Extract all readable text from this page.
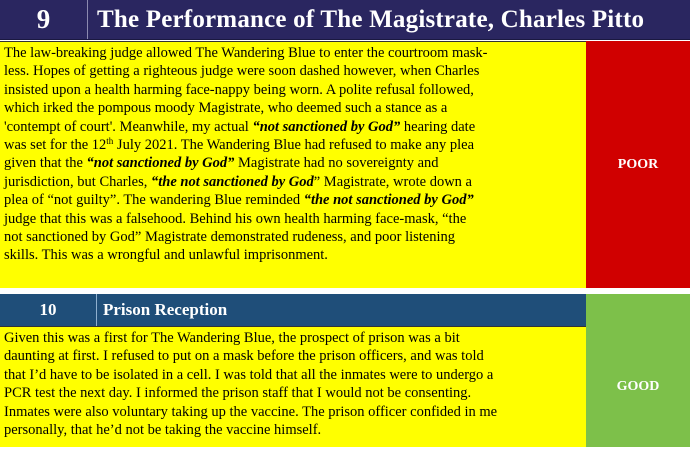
9	The Performance of The Magistrate, Charles Pitto
The law-breaking judge allowed The Wandering Blue to enter the courtroom mask-
less. Hopes of getting a righteous judge were soon dashed however, when Charles
insisted upon a health harming face-nappy being worn. A polite refusal followed,
which irked the pompous moody Magistrate, who deemed such a stance as a
'contempt of court'. Meanwhile, my actual “not sanctioned by God” hearing date
was set for the 12th July 2021. The Wandering Blue had refused to make any plea
given that the “not sanctioned by God” Magistrate had no sovereignty and
jurisdiction, but Charles, “the not sanctioned by God” Magistrate, wrote down a
plea of “not guilty”. The wandering Blue reminded “the not sanctioned by God”
judge that this was a falsehood. Behind his own health harming face-mask, “the
not sanctioned by God” Magistrate demonstrated rudeness, and poor listening
skills. This was a wrongful and unlawful imprisonment.
POOR
10	Prison Reception
Given this was a first for The Wandering Blue, the prospect of prison was a bit
daunting at first. I refused to put on a mask before the prison officers, and was told
that I’d have to be isolated in a cell. I was told that all the inmates were to undergo a
PCR test the next day. I informed the prison staff that I would not be consenting.
Inmates were also voluntary taking up the vaccine. The prison officer confided in me
personally, that he’d not be taking the vaccine himself.
GOOD
